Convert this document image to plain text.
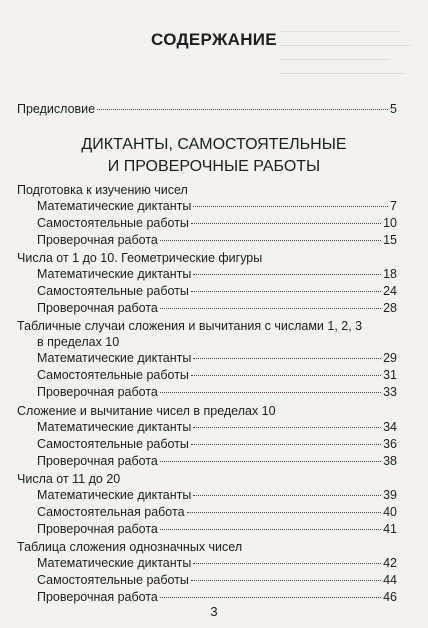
СОДЕРЖАНИЕ
Предисловие	5
ДИКТАНТЫ, САМОСТОЯТЕЛЬНЫЕ
И ПРОВЕРОЧНЫЕ РАБОТЫ
Подготовка к изучению чисел
Математические диктанты	7
Самостоятельные работы	10
Проверочная работа	15
Числа от 1 до 10. Геометрические фигуры
Математические диктанты	18
Самостоятельные работы	24
Проверочная работа	28
Табличные случаи сложения и вычитания с числами 1, 2, 3
в пределах 10
Математические диктанты	29
Самостоятельные работы	31
Проверочная работа	33
Сложение и вычитание чисел в пределах 10
Математические диктанты	34
Самостоятельные работы	36
Проверочная работа	38
Числа от 11 до 20
Математические диктанты	39
Самостоятельная работа	40
Проверочная работа	41
Таблица сложения однозначных чисел
Математические диктанты	42
Самостоятельные работы	44
Проверочная работа	46
3
